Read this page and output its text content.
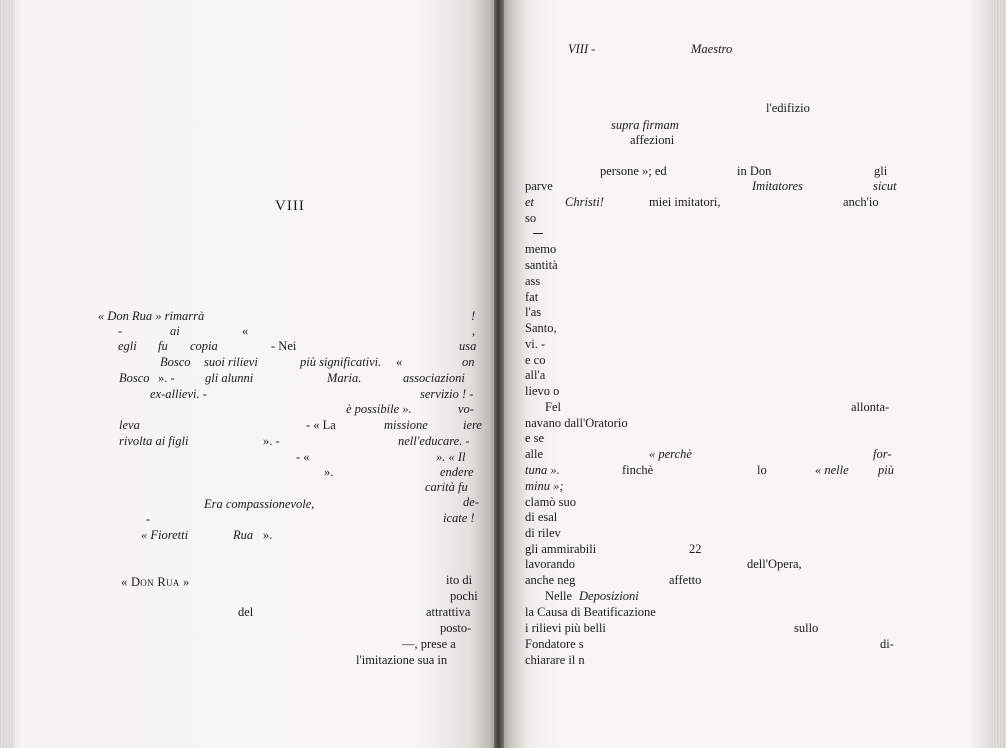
VIII
« Don Rua » rimarrà	!
-	ai	«	,
egli fu copia	- Nei	usa
Bosco suoi rilievi	più significativi. «	on
Bosco ». - gli alunni	Maria.	associazioni
ex-allievi. -	servizio ! -
è possibile ».	vo-
leva	- « La	missione	iere
rivolta ai figli	». -	nell'educare. -
- «	». « Il
».	endere
carità fu
de-
Era compassionevole,
icate !
-
« Fioretti	Rua ».
« Don Rua »	ito di
pochi
del	attrattiva
posto-
—, prese a
l'imitazione sua in
VIII -	Maestro
l'edifizio
supra firmam
affezioni
persone »; ed	in Don	gli
parve	Imitatores	sicut
et Christi!	miei imitatori,	anch'io
so
memo
santità
ass
fat
l'as
Santo,
vi. -
e co
all'a
lievo o
Fel	allonta-
navano dall'Oratorio
e se
alle	« perchè	for-
tuna ».	finchè	lo	« nelle più
minu »;
clamò suo
di esal
di rilev
gli ammirabili	22
lavorando	dell'Opera,
anche neg	affetto
Nelle Deposizioni
la Causa di Beatificazione
i rilievi più belli	sullo
Fondatore s	di-
chiarare il n
